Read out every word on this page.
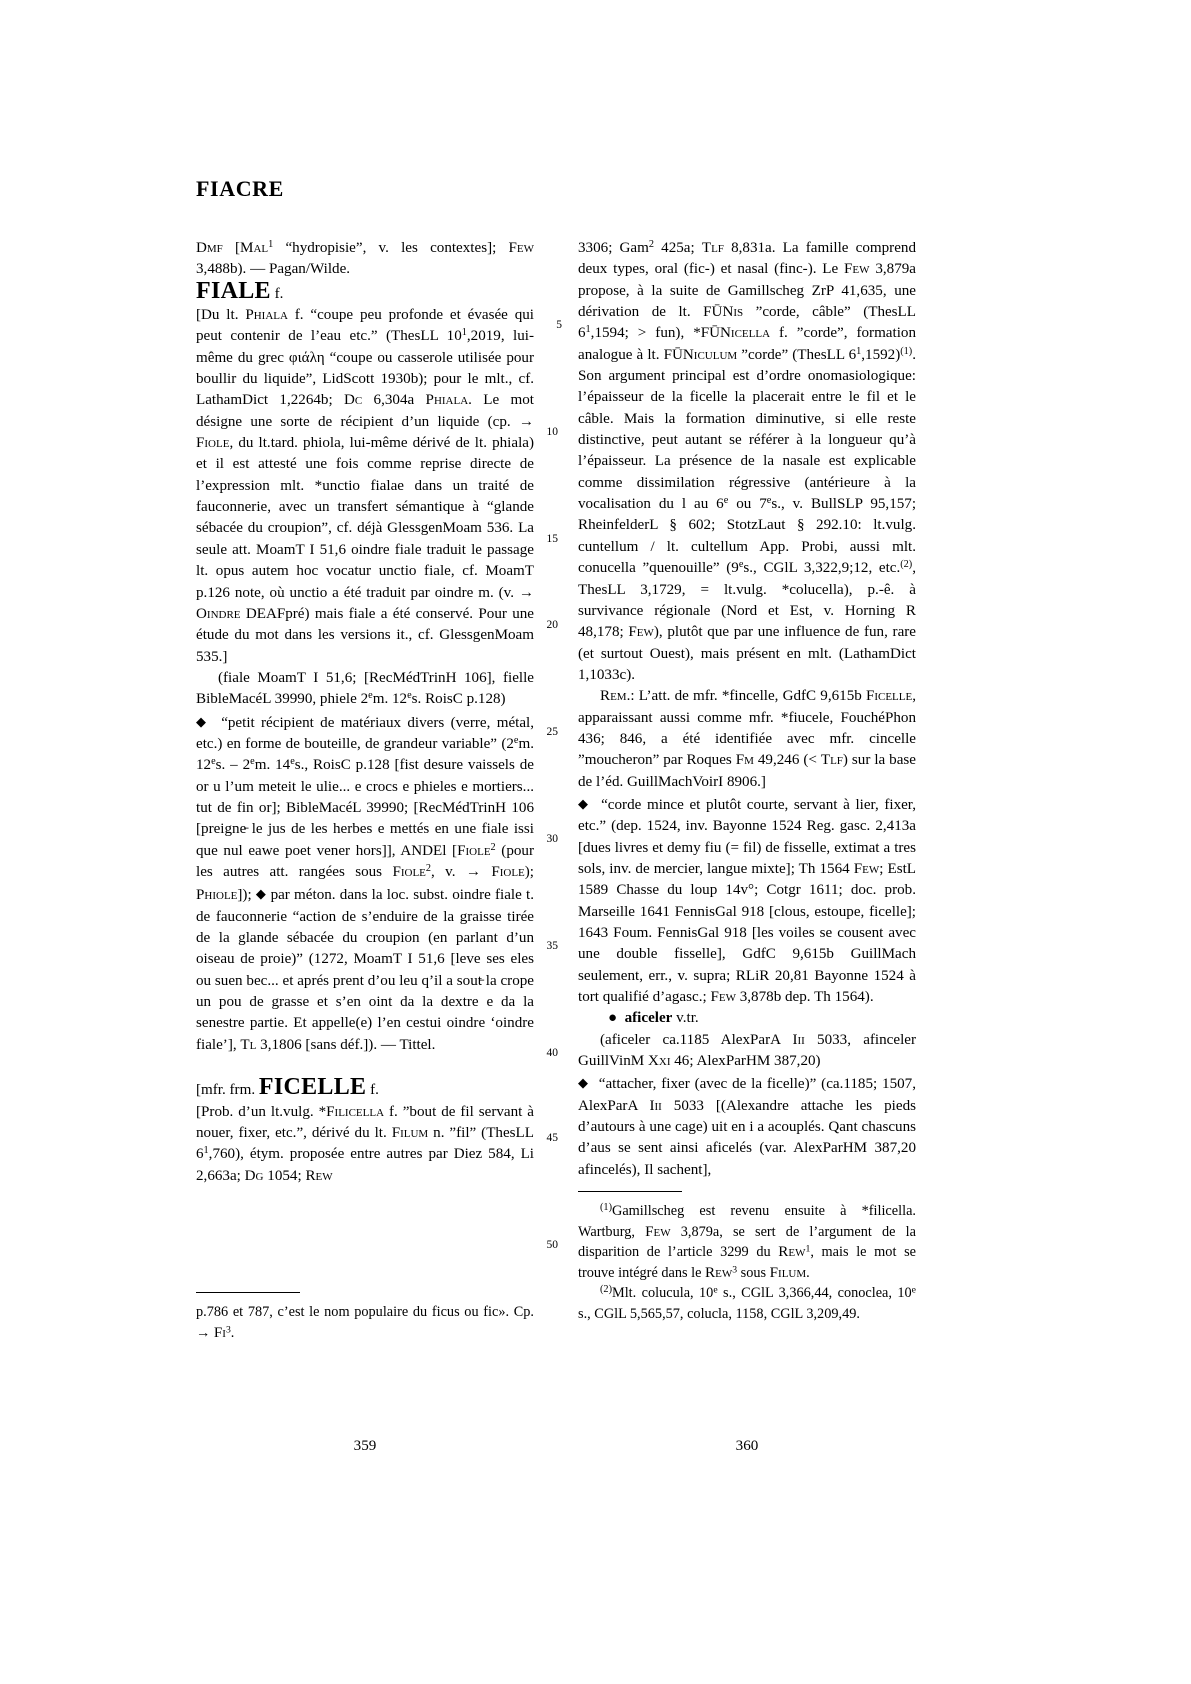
FIACRE

Dmf [Mal$^1$ “hydropisie”, v. les contextes]; Few 3,488b). — Pagan/Wilde.

FIALE f.

[Du lt. Phiala f. “coupe peu profonde et évasée qui peut contenir de l’eau etc.” (ThesLL $10^1,2019$, lui-même du grec φιάλη “coupe ou casserole utilisée pour boullir du liquide”, LidScott 1930b); pour le mlt., cf. LathamDict 1,2264b; Dc 6,304a Phiala. Le mot désigne une sorte de récipient d’un liquide (cp. → Fiole, du lt.tard. phiola, lui-même dérivé de lt. phiala) et il est attesté une fois comme reprise directe de l’expression mlt. *unctio fialae dans un traité de fauconnerie, avec un transfert sémantique à “glande sébacée du croupion”, cf. déjà GlessgenMoam 536. La seule att. MoamT I 51,6 oindre fiale traduit le passage lt. opus autem hoc vocatur unctio fiale, cf. MoamT p.126 note, où unctio a été traduit par oindre m. (v. → Oindre DEAFpré) mais fiale a été conservé. Pour une étude du mot dans les versions it., cf. GlessgenMoam 535.]

(fiale MoamT I 51,6; [RecMédTrinH 106], fielle BibleMacéL 39990, phiele 2em. 12es. RoisC p.128)

◆ “petit récipient de matériaux divers (verre, métal, etc.) en forme de bouteille, de grandeur variable” (2em. 12es. – 2em. 14es., RoisC p.128 [fist desure vaissels de or u l’um meteit le ulie... e crocs e phieles e mortiers... tut de fin or]; BibleMacéL 39990; [RecMédTrinH 106 [preigne̵ le jus de les herbes e mettés en une fiale issi que nul eawe poet vener hors]], ANDEl [Fiole$^2$ (pour les autres att. rangées sous Fiole$^2$, v. → Fiole); Phiole]); ◆ par méton. dans la loc. subst. oindre fiale t. de fauconnerie “action de s’enduire de la graisse tirée de la glande sébacée du croupion (en parlant d’un oiseau de proie)” (1272, MoamT I 51,6 [leve ses eles ou suen bec... et aprés prent d’ou leu q’il a sout̵ la crope un pou de grasse et s’en oint da la dextre e da la senestre partie. Et appelle(e) l’en cestui oindre ‘oindre fiale’], Tl 3,1806 [sans déf.]). — Tittel.

[mfr. frm. FICELLE f.

[Prob. d’un lt.vulg. *Filicella f. ”bout de fil servant à nouer, fixer, etc.”, dérivé du lt. Filum n. ”fil” (ThesLL $6^1,760$), étym. proposée entre autres par Diez 584, Li 2,663a; Dg 1054; Rew

p.786 et 787, c’est le nom populaire du ficus ou fic». Cp. → $Fi^3$.

3306; Gam$^2$ 425a; Tlf 8,831a. La famille comprend deux types, oral (fic-) et nasal (finc-). Le Few 3,879a propose, à la suite de Gamillscheg ZrP 41,635, une dérivation de lt. FŪNis ”corde, câble” (ThesLL $6^1,1594$; > fun), *FŪNicella f. ”corde”, formation analogue à lt. FŪNiculum ”corde” (ThesLL $6^1,1592)^{(1)}$. Son argument principal est d’ordre onomasiologique: l’épaisseur de la ficelle la placerait entre le fil et le câble. Mais la formation diminutive, si elle reste distinctive, peut autant se référer à la longueur qu’à l’épaisseur. La présence de la nasale est explicable comme dissimilation régressive (antérieure à la vocalisation du l au 6e ou 7es., v. BullSLP 95,157; RheinfelderL § 602; StotzLaut § 292.10: lt.vulg. cuntellum / lt. cultellum App. Probi, aussi mlt. conucella ”quenouille” (9es., CGlL 3,322,9;12, etc.$^{(2)}$, ThesLL 3,1729, = lt.vulg. *colucella), p.-ê. à survivance régionale (Nord et Est, v. Horning R 48,178; Few), plutôt que par une influence de fun, rare (et surtout Ouest), mais présent en mlt. (LathamDict 1,1033c).

Rem.: L’att. de mfr. *fincelle, GdfC 9,615b Ficelle, apparaissant aussi comme mfr. *fiucele, FouchéPhon 436; 846, a été identifiée avec mfr. cincelle ”moucheron” par Roques Fm 49,246 (< Tlf) sur la base de l’éd. GuillMachVoirI 8906.]

◆ “corde mince et plutôt courte, servant à lier, fixer, etc.” (dep. 1524, inv. Bayonne 1524 Reg. gasc. 2,413a [dues livres et demy fiu (= fil) de fisselle, extimat a tres sols, inv. de mercier, langue mixte]; Th 1564 Few; EstL 1589 Chasse du loup 14v°; Cotgr 1611; doc. prob. Marseille 1641 FennisGal 918 [clous, estoupe, ficelle]; 1643 Foum. FennisGal 918 [les voiles se cousent avec une double fisselle], GdfC 9,615b GuillMach seulement, err., v. supra; RLiR 20,81 Bayonne 1524 à tort qualifié d’agasc.; Few 3,878b dep. Th 1564).

● aficeler v.tr.

(aficeler ca.1185 AlexParA Iii 5033, afinceler GuillVinM Xxi 46; AlexParHM 387,20)

◆ “attacher, fixer (avec de la ficelle)” (ca.1185; 1507, AlexParA Iii 5033 [(Alexandre attache les pieds d’autours à une cage) uit en i a acouplés. Qant chascuns d’aus se sent ainsi aficelés (var. AlexParHM 387,20 afincelés), Il sachent],

$^{(1)}$Gamillscheg est revenu ensuite à *filicella. Wartburg, Few 3,879a, se sert de l’argument de la disparition de l’article 3299 du Rew$^1$, mais le mot se trouve intégré dans le Rew$^3$ sous Filum.

$^{(2)}$Mlt. colucula, 10e s., CGlL 3,366,44, conoclea, 10e s., CGlL 5,565,57, colucla, 1158, CGlL 3,209,49.

5
10
15
20
25
30
35
40
45
50
359	360
